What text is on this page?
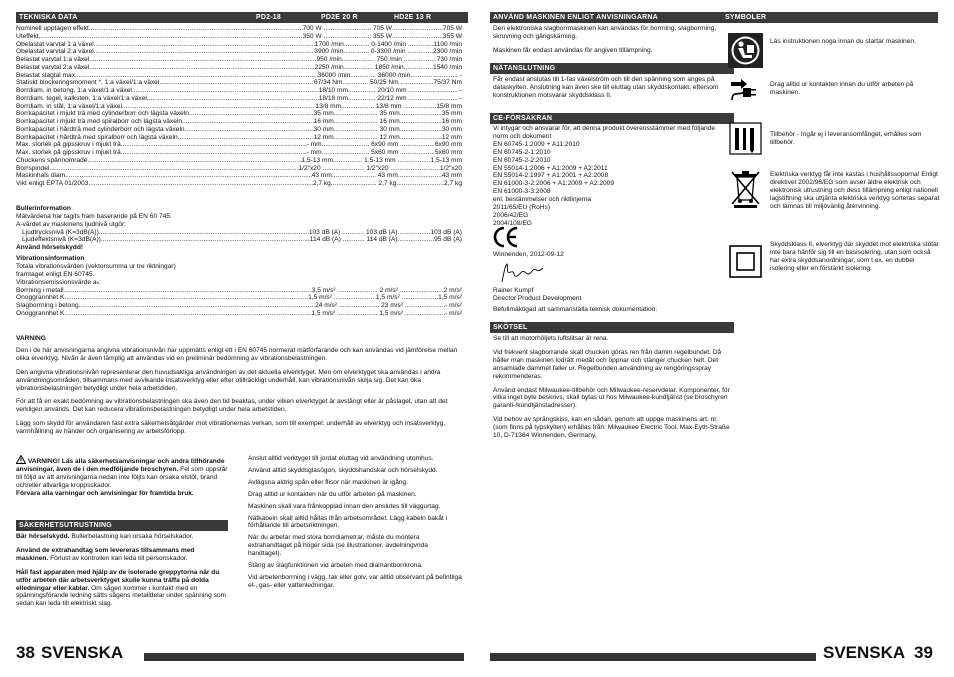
TEKNISKA DATA	PD2-18	PD2E 20 R	HD2E 13 R
Nominell upptagen effekt .....	700 W .......................... 705 W............................705 W
Uteffekt .....	350 W .......................... 355 W............................355 W
Obelastat varvtal 1:a växel .....	1700 /min.............. 0-1400 /min ..............1100 /min
Obelastat varvtal 2:a växel .....	3900 /min.............. 0-3300 /min ..............2300 /min
Belastat varvtal 1:a växel .....	950 /min.................. 750 /min ..................730 /min
Belastat varvtal 2:a växel .....	2250 /min................ 1850 /min................1540 /min
Belastat slagtal max. .....	36000 /min.............. 36000 /min.......................... -
Statiskt blockeringsmoment *, 1:a växel/1:a växel .....	67/34 Nm.............. 50/25 Nm ..................75/37 Nm
Borrdiam. in betong, 1:a växel/1:a växel .....	18/10 mm............... 20/10 mm ........................... -
Borrdiam. tegel, kalksten, 1:a växel/1:a växel .....	18/18 mm............... 22/12 mm ........................... -
Borrdiam. in stål, 1:a växel/1:a växel .....	13/8 mm.................. 13/8 mm ..................15/8 mm
Borrkapacitet i mjukt trä med cylinderborr och lägsta växeln .....	35 mm........................ 35 mm.......................35 mm
Borrkapacitet i mjukt trä med spiralborr och lägsta växeln .....	16 mm........................ 16 mm.......................16 mm
Borrkapacitet i hårdträ med cylinderborr och lägsta växeln .....	30 mm........................ 30 mm.......................30 mm
Borrkapacitet i hårdträ med spiralborr och lägsta växeln .....	12 mm........................ 12 mm.......................12 mm
Max. storlek på gipsskruv i mjukt trä .....	- mm.......................... 6x90 mm ...................6x90 mm
Max. storlek på gipsskruv i mjukt trä .....	- mm.......................... 5x60 mm ...................5x60 mm
Chuckens spännomrade .....	1,5-13 mm................ 1,5-13 mm ..................1,5-13 mm
Borrspindel .....	1/2"x20 ....................... 1/2"x20 ...........................1/2"x20
Maskinhals diam. .....	43 mm........................ 43 mm........................43 mm
Vikt enligt EPTA 01/2003 .....	2,7 kg......................... 2,7 kg..........................2,7 kg
Bullerinformation
Mätvärdena har tagits fram baserande på EN 60 745.
A-värdet av maskinens ljudnivå utgör:
Ljudtrycksnivå (K=3dB(A)) .....	103 dB (A) ............ 103 dB (A)..................103 dB (A)
Ljudeffektsnivå (K=3dB(A)) .....	114 dB (A) ............ 114 dB (A)....................95 dB (A)
Använd hörselskydd!
Vibrationsinformation
Totala vibrationsvärden (vektorsumma ur tre riktningar)
framtaget enligt EN 60745.
Vibrationsemissionsvärde aₕ:
Borrning i metall .....	3,5 m/s² ...................... 2 m/s² ........................2 m/s²
Onoggrannhet K .....	1,5 m/s² ...................... 1,5 m/s² ....................1,5 m/s²
Slagborrning i betong .....	24 m/s² ...................... 23 m/s² ......................- m/s²
Onoggrannhet K .....	1,5 m/s² ...................... 1,5 m/s² ......................- m/s²

VARNING

Den i de här anvisningarna angivna vibrationsnivån har uppmätts enligt ett i EN 60745 normerat mätförfarande och kan användas vid jämförelse mellan olika elverktyg. Nivån är även lämplig att användas vid en preliminär bedömning av vibrationsbelastningen.

Den angivna vibrationsnivån representerar den huvudsakliga användningen av det aktuella elverktyget. Men om elverktyget ska användas i andra användningsområden, tillsammans med avvikande insatsverktyg eller efter otillräckligt underhåll, kan vibrationsnivån skilja sig. Det kan öka vibrationsbelastningen betydligt under hela arbetstiden.

För att få en exakt bedömning av vibrationsbelastningen ska även den tid beaktas, under vilken elverktyget är avstängt eller är påslaget, utan att det verkligen används. Det kan reducera vibrationsbelastningen betydligt under hela arbetstiden.

Lägg som skydd för användaren fast extra säkerhetsåtgärder mot vibrationernas verkan, som till exempel: underhåll av elverktyg och insatsverktyg, varmhållning av händer och organisering av arbetsförlopp.

VARNING! Läs alla säkerhetsanvisningar och andra tillhörande anvisningar, även de i den medföljande broschyren. Fel som uppstår till följd av att anvisningarna nedan inte följts kan orsaka elstöt, brand och/eller allvarliga kroppsskador.

Förvara alla varningar och anvisningar för framtida bruk.

SÄKERHETSUTRUSTNING

Bär hörselskydd. Bullerbelastning kan orsaka hörselskador.

Använd de extrahandtag som levereras tillsammans med maskinen. Förlust av kontrollen kan leda till personskador.

Håll fast apparaten med hjälp av de isolerade greppytorna när du utför arbeten där arbetsverktyget skulle kunna träffa på dolda elledningar eller kablar. Om sågen kommer i kontakt med en spänningsförande ledning sätts sågens metalldelar under spänning som sedan kan leda till elektriskt slag.

Anslut alltid verktyget till jordat eluttag vid användning utomhus.

Använd alltid skyddsglasögon, skyddshandskar och hörselskydd.

Avlägsna aldrig spån eller flisor när maskinen är igång.

Drag alltid ur kontakten när du utför arbeten på maskinen.

Maskinen skall vara frånkopplad innan den anslutes till väggurtag.

Nätkabeln skall alltid hållas ifrån arbetsområdet. Lägg kabeln bakåt i förhållande till arbetsriktningen.

När du arbetar med stora borrdiametrar, måste du montera extrahandtaget på höger sida (se illustrationer, avdelningvrida handtaget).

Stäng av slagfunktionen vid arbeten med diamantborrkrona.

Vid arbetenborrning i vägg, tak eller golv, var alltid observant på befintliga el-, gas- eller vattenledningar.

38 SVENSKA
ANVÄND MASKINEN ENLIGT ANVISNINGARNA

Den elektroniska slagborrmaskinen kan användas för borrning, slagborrning, skruvning och gängskärning.

Maskinen får endast användas för angiven tillämpning.

NÄTANSLUTNING
Får endast anslutas till 1-fas växelström och till den spänning som anges på dataskylten. Anslutning kan även ske till eluttag utan skyddskontakt, eftersom konstruktionen motsvarar skyddsklass II.
CE-FÖRSÄKRAN
Vi intygar och ansvarar för, att denna produkt överensstämmer med följande norm och dokument
EN 60745-1:2009 + A11:2010
EN 60745-2-1:2010
EN 60745-2-2:2010
EN 55014-1:2006 + A1:2009 + A2:2011
EN 55014-2:1997 + A1:2001 + A2:2008
EN 61000-3-2:2006 + A1:2009 + A2:2009
EN 61000-3-3:2008
enl. bestämmelser och riktlinjerna
2011/65/EU (RoHs)
2006/42/EG
2004/108/EG
Winnenden, 2012-09-12
Rainer Kumpf
Director Product Development
Befullmäktigad att sammanställa teknisk dokumentation.
SKÖTSEL

Se till att motorhöljets luftslitsar är rena.

Vid frekvent slagborrande skall chucken göras ren från damm regelbundet. Då håller man maskinen lodrätt medåt och öppnar och stänger chucken helt. Det ansamlade dammet faller ur. Regelbunden användning av rengöringsspray rekommenderas.

Använd endast Milwaukee-tillbehör och Milwaukee-reservdelar. Komponenter, för vilka inget byte beskrivs, skall bytas ut hos Milwaukee-kundtjänst (se broschyren garanti-/kundtjänstadresser).

Vid behov av sprängskiss, kan en sådan, genom att uppge maskinens art. nr. (som finns på typskylten) erhållas från: Milwaukee Electric Tool, Max-Eyth-Straße 10, D-71364 Winnenden, Germany.

SYMBOLER
SVENSKA 39
Läs instruktionen noga innan du startar maskinen.
Drag alltid ur kontakten innan du utför arbeten på maskinen.
Tillbehör - Ingår ej i leveransomfånget, erhålles som tillbehör.
Elektriska verktyg får inte kastas i hushållssoporna! Enligt direktivet 2002/96/EG som avser äldre elektrisk och elektronisk utrustning och dess tillämpning enligt nationell lagstiftning ska uttjänta elektriska verktyg sorteras separat och lämnas till miljövänlig återvinning.
Skyddsklass II, elverktyg där skyddet mot elektriska stötar inte bara hänför sig till en basisolering, utan som också har extra skyddsanordningar, som t.ex. en dubbel isolering eller en förstärkt isolering.
